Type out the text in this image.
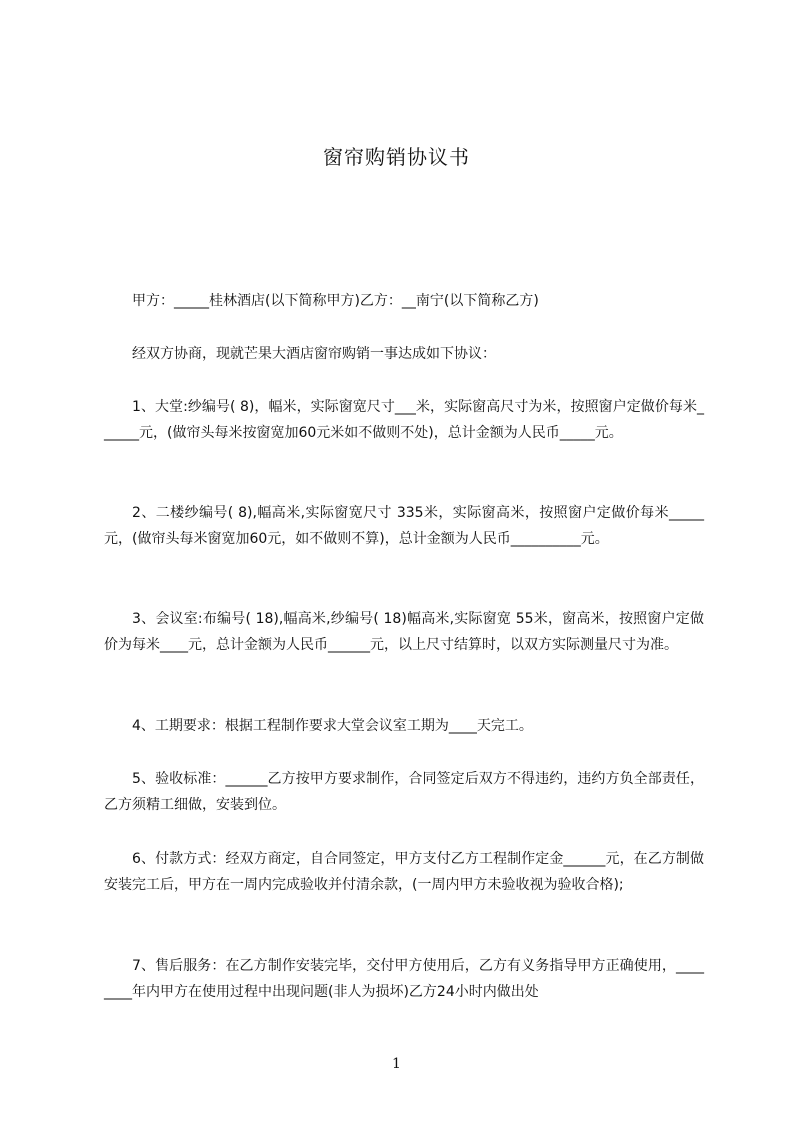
窗帘购销协议书
甲方：_____桂林酒店(以下简称甲方)乙方：__南宁(以下简称乙方)
经双方协商，现就芒果大酒店窗帘购销一事达成如下协议：
1、大堂:纱编号( 8)，幅米，实际窗宽尺寸___米，实际窗高尺寸为米，按照窗户定做价每米______元，(做帘头每米按窗宽加60元米如不做则不处)，总计金额为人民币_____元。
2、二楼纱编号( 8),幅高米,实际窗宽尺寸 335米，实际窗高米，按照窗户定做价每米_____元，(做帘头每米窗宽加60元，如不做则不算)，总计金额为人民币__________元。
3、会议室:布编号( 18),幅高米,纱编号( 18)幅高米,实际窗宽 55米，窗高米，按照窗户定做价为每米____元，总计金额为人民币______元，以上尺寸结算时，以双方实际测量尺寸为准。
4、工期要求：根据工程制作要求大堂会议室工期为____天完工。
5、验收标准：______乙方按甲方要求制作，合同签定后双方不得违约，违约方负全部责任，乙方须精工细做，安装到位。
6、付款方式：经双方商定，自合同签定，甲方支付乙方工程制作定金______元，在乙方制做安装完工后，甲方在一周内完成验收并付清余款，(一周内甲方未验收视为验收合格);
7、售后服务：在乙方制作安装完毕，交付甲方使用后，乙方有义务指导甲方正确使用，________年内甲方在使用过程中出现问题(非人为损坏)乙方24小时内做出处
1
